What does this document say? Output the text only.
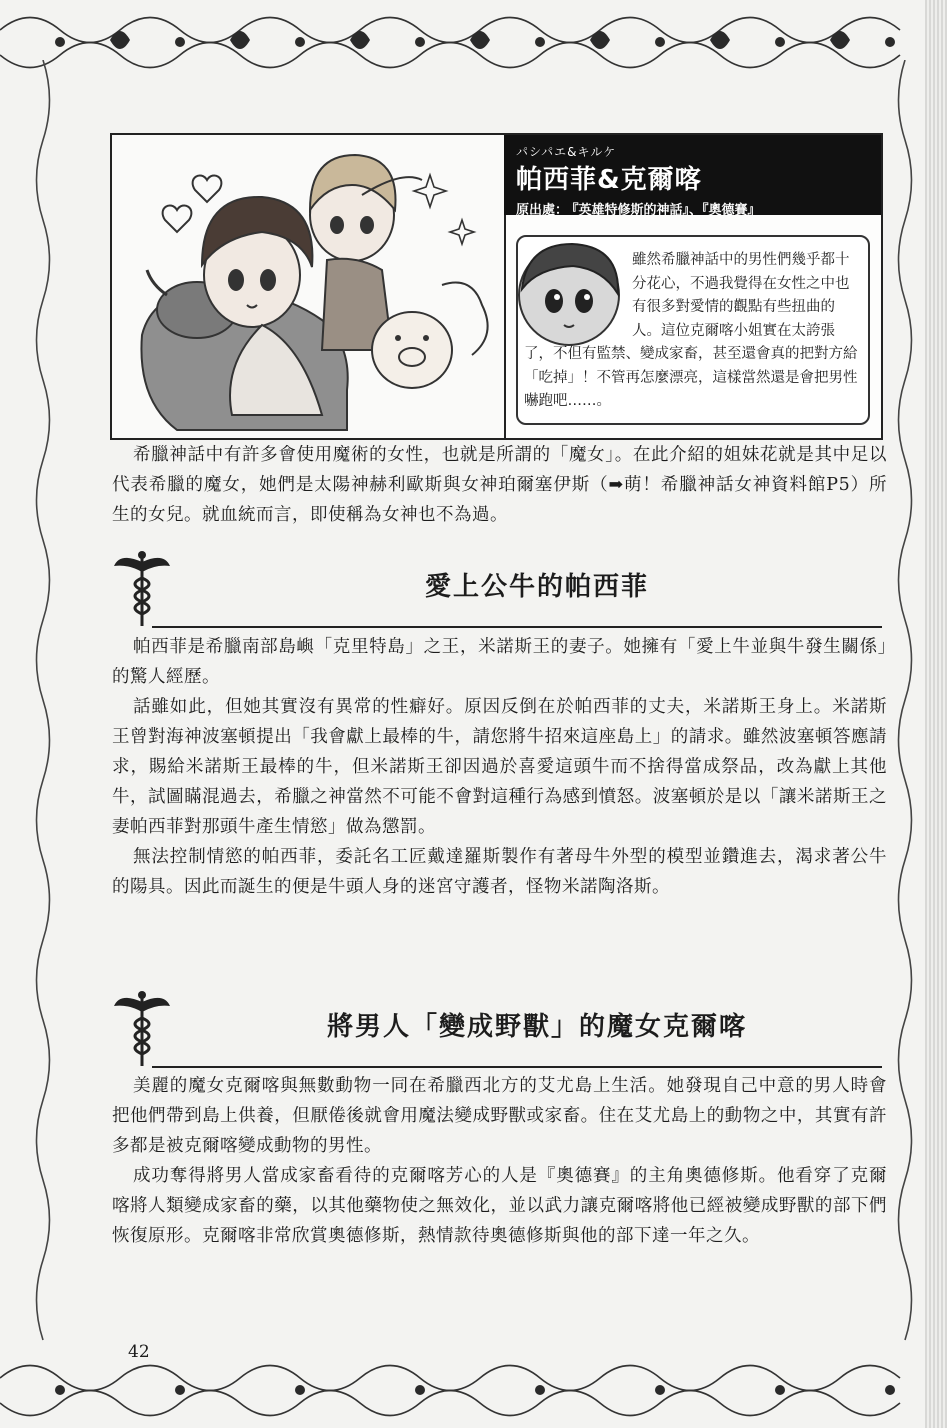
パシパエ&キルケ
帕西菲&克爾喀
原出處： 『英雄特修斯的神話』、『奧德賽』
雖然希臘神話中的男性們幾乎都十分花心，不過我覺得在女性之中也有很多對愛情的觀點有些扭曲的人。這位克爾喀小姐實在太誇張了，不但有監禁、變成家畜，甚至還會真的把對方給「吃掉」！不管再怎麼漂亮，這樣當然還是會把男性嚇跑吧……。

希臘神話中有許多會使用魔術的女性，也就是所謂的「魔女」。在此介紹的姐妹花就是其中足以代表希臘的魔女，她們是太陽神赫利歐斯與女神珀爾塞伊斯（➡萌！希臘神話女神資料館P5）所生的女兒。就血統而言，即使稱為女神也不為過。

愛上公牛的帕西菲

帕西菲是希臘南部島嶼「克里特島」之王，米諾斯王的妻子。她擁有「愛上牛並與牛發生關係」的驚人經歷。

話雖如此，但她其實沒有異常的性癖好。原因反倒在於帕西菲的丈夫，米諾斯王身上。米諾斯王曾對海神波塞頓提出「我會獻上最棒的牛，請您將牛招來這座島上」的請求。雖然波塞頓答應請求，賜給米諾斯王最棒的牛，但米諾斯王卻因過於喜愛這頭牛而不捨得當成祭品，改為獻上其他牛，試圖瞞混過去，希臘之神當然不可能不會對這種行為感到憤怒。波塞頓於是以「讓米諾斯王之妻帕西菲對那頭牛產生情慾」做為懲罰。

無法控制情慾的帕西菲，委託名工匠戴達羅斯製作有著母牛外型的模型並鑽進去，渴求著公牛的陽具。因此而誕生的便是牛頭人身的迷宮守護者，怪物米諾陶洛斯。

將男人「變成野獸」的魔女克爾喀

美麗的魔女克爾喀與無數動物一同在希臘西北方的艾尤島上生活。她發現自己中意的男人時會把他們帶到島上供養，但厭倦後就會用魔法變成野獸或家畜。住在艾尤島上的動物之中，其實有許多都是被克爾喀變成動物的男性。

成功奪得將男人當成家畜看待的克爾喀芳心的人是『奧德賽』的主角奧德修斯。他看穿了克爾喀將人類變成家畜的藥，以其他藥物使之無效化，並以武力讓克爾喀將他已經被變成野獸的部下們恢復原形。克爾喀非常欣賞奧德修斯，熱情款待奧德修斯與他的部下達一年之久。

42
